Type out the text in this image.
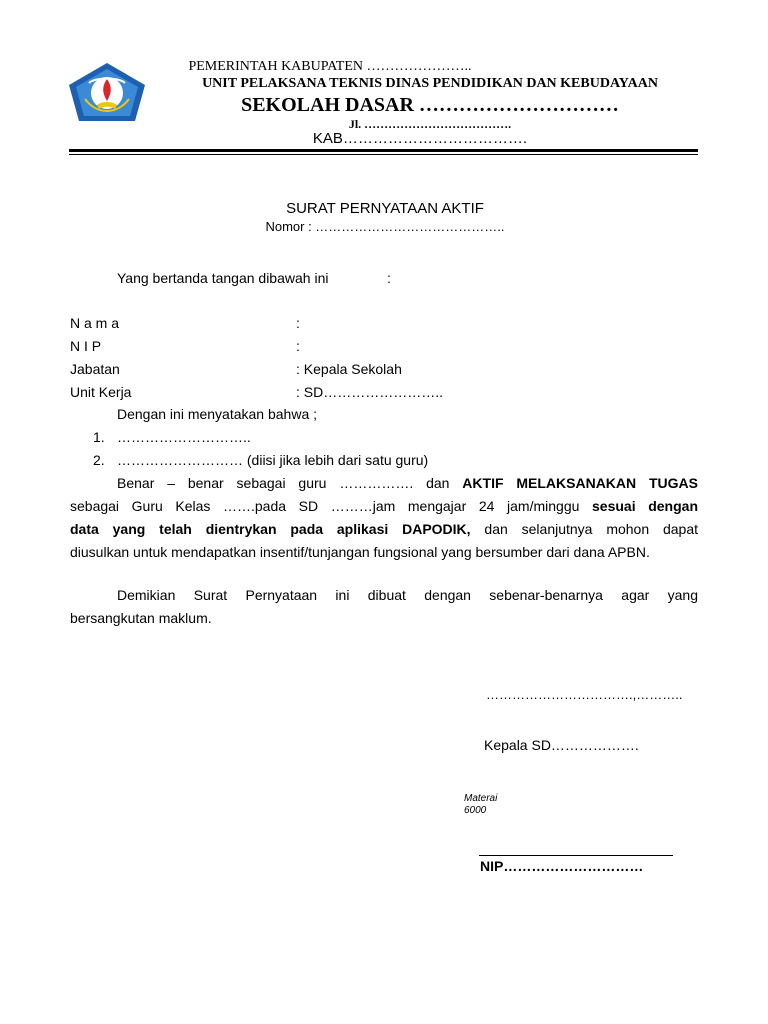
PEMERINTAH KABUPATEN …………………..
UNIT PELAKSANA TEKNIS DINAS PENDIDIKAN DAN KEBUDAYAAN
SEKOLAH DASAR …………………………
Jl. ……………………………….
KAB……………………………….
SURAT PERNYATAAN AKTIF
Nomor : ……………………………………..
Yang bertanda tangan dibawah ini	:
N a m a	:
N I P	:
Jabatan	: Kepala Sekolah
Unit Kerja	: SD……………………..
Dengan ini menyatakan bahwa ;
1. ………………………..
2. ……………………… (diisi jika lebih dari satu guru)
Benar – benar sebagai guru ……………. dan AKTIF MELAKSANAKAN TUGAS
sebagai Guru Kelas …….pada SD ………jam mengajar 24 jam/minggu sesuai dengan
data yang telah dientrykan pada aplikasi DAPODIK, dan selanjutnya mohon dapat
diusulkan untuk mendapatkan insentif/tunjangan fungsional yang bersumber dari dana APBN.
Demikian Surat Pernyataan ini dibuat dengan sebenar-benarnya agar yang
bersangkutan maklum.
…………………………….,………..
Kepala SD……………….
Materai
6000
NIP…………………………
